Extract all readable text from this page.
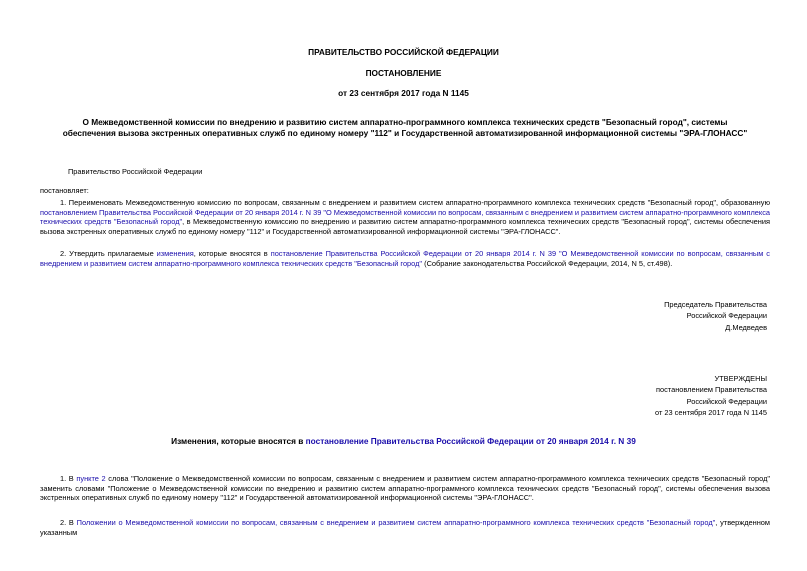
ПРАВИТЕЛЬСТВО РОССИЙСКОЙ ФЕДЕРАЦИИ
ПОСТАНОВЛЕНИЕ
от 23 сентября 2017 года N 1145
О Межведомственной комиссии по внедрению и развитию систем аппаратно-программного комплекса технических средств "Безопасный город", системы обеспечения вызова экстренных оперативных служб по единому номеру "112" и Государственной автоматизированной информационной системы "ЭРА-ГЛОНАСС"
Правительство Российской Федерации
постановляет:
1. Переименовать Межведомственную комиссию по вопросам, связанным с внедрением и развитием систем аппаратно-программного комплекса технических средств "Безопасный город", образованную постановлением Правительства Российской Федерации от 20 января 2014 г. N 39 "О Межведомственной комиссии по вопросам, связанным с внедрением и развитием систем аппаратно-программного комплекса технических средств "Безопасный город", в Межведомственную комиссию по внедрению и развитию систем аппаратно-программного комплекса технических средств "Безопасный город", системы обеспечения вызова экстренных оперативных служб по единому номеру "112" и Государственной автоматизированной информационной системы "ЭРА-ГЛОНАСС".
2. Утвердить прилагаемые изменения, которые вносятся в постановление Правительства Российской Федерации от 20 января 2014 г. N 39 "О Межведомственной комиссии по вопросам, связанным с внедрением и развитием систем аппаратно-программного комплекса технических средств "Безопасный город" (Собрание законодательства Российской Федерации, 2014, N 5, ст.498).
Председатель Правительства
Российской Федерации
Д.Медведев
УТВЕРЖДЕНЫ
постановлением Правительства
Российской Федерации
от 23 сентября 2017 года N 1145
Изменения, которые вносятся в постановление Правительства Российской Федерации от 20 января 2014 г. N 39
1. В пункте 2 слова "Положение о Межведомственной комиссии по вопросам, связанным с внедрением и развитием систем аппаратно-программного комплекса технических средств "Безопасный город" заменить словами "Положение о Межведомственной комиссии по внедрению и развитию систем аппаратно-программного комплекса технических средств "Безопасный город", системы обеспечения вызова экстренных оперативных служб по единому номеру "112" и Государственной автоматизированной информационной системы "ЭРА-ГЛОНАСС".
2. В Положении о Межведомственной комиссии по вопросам, связанным с внедрением и развитием систем аппаратно-программного комплекса технических средств "Безопасный город", утвержденном указанным
